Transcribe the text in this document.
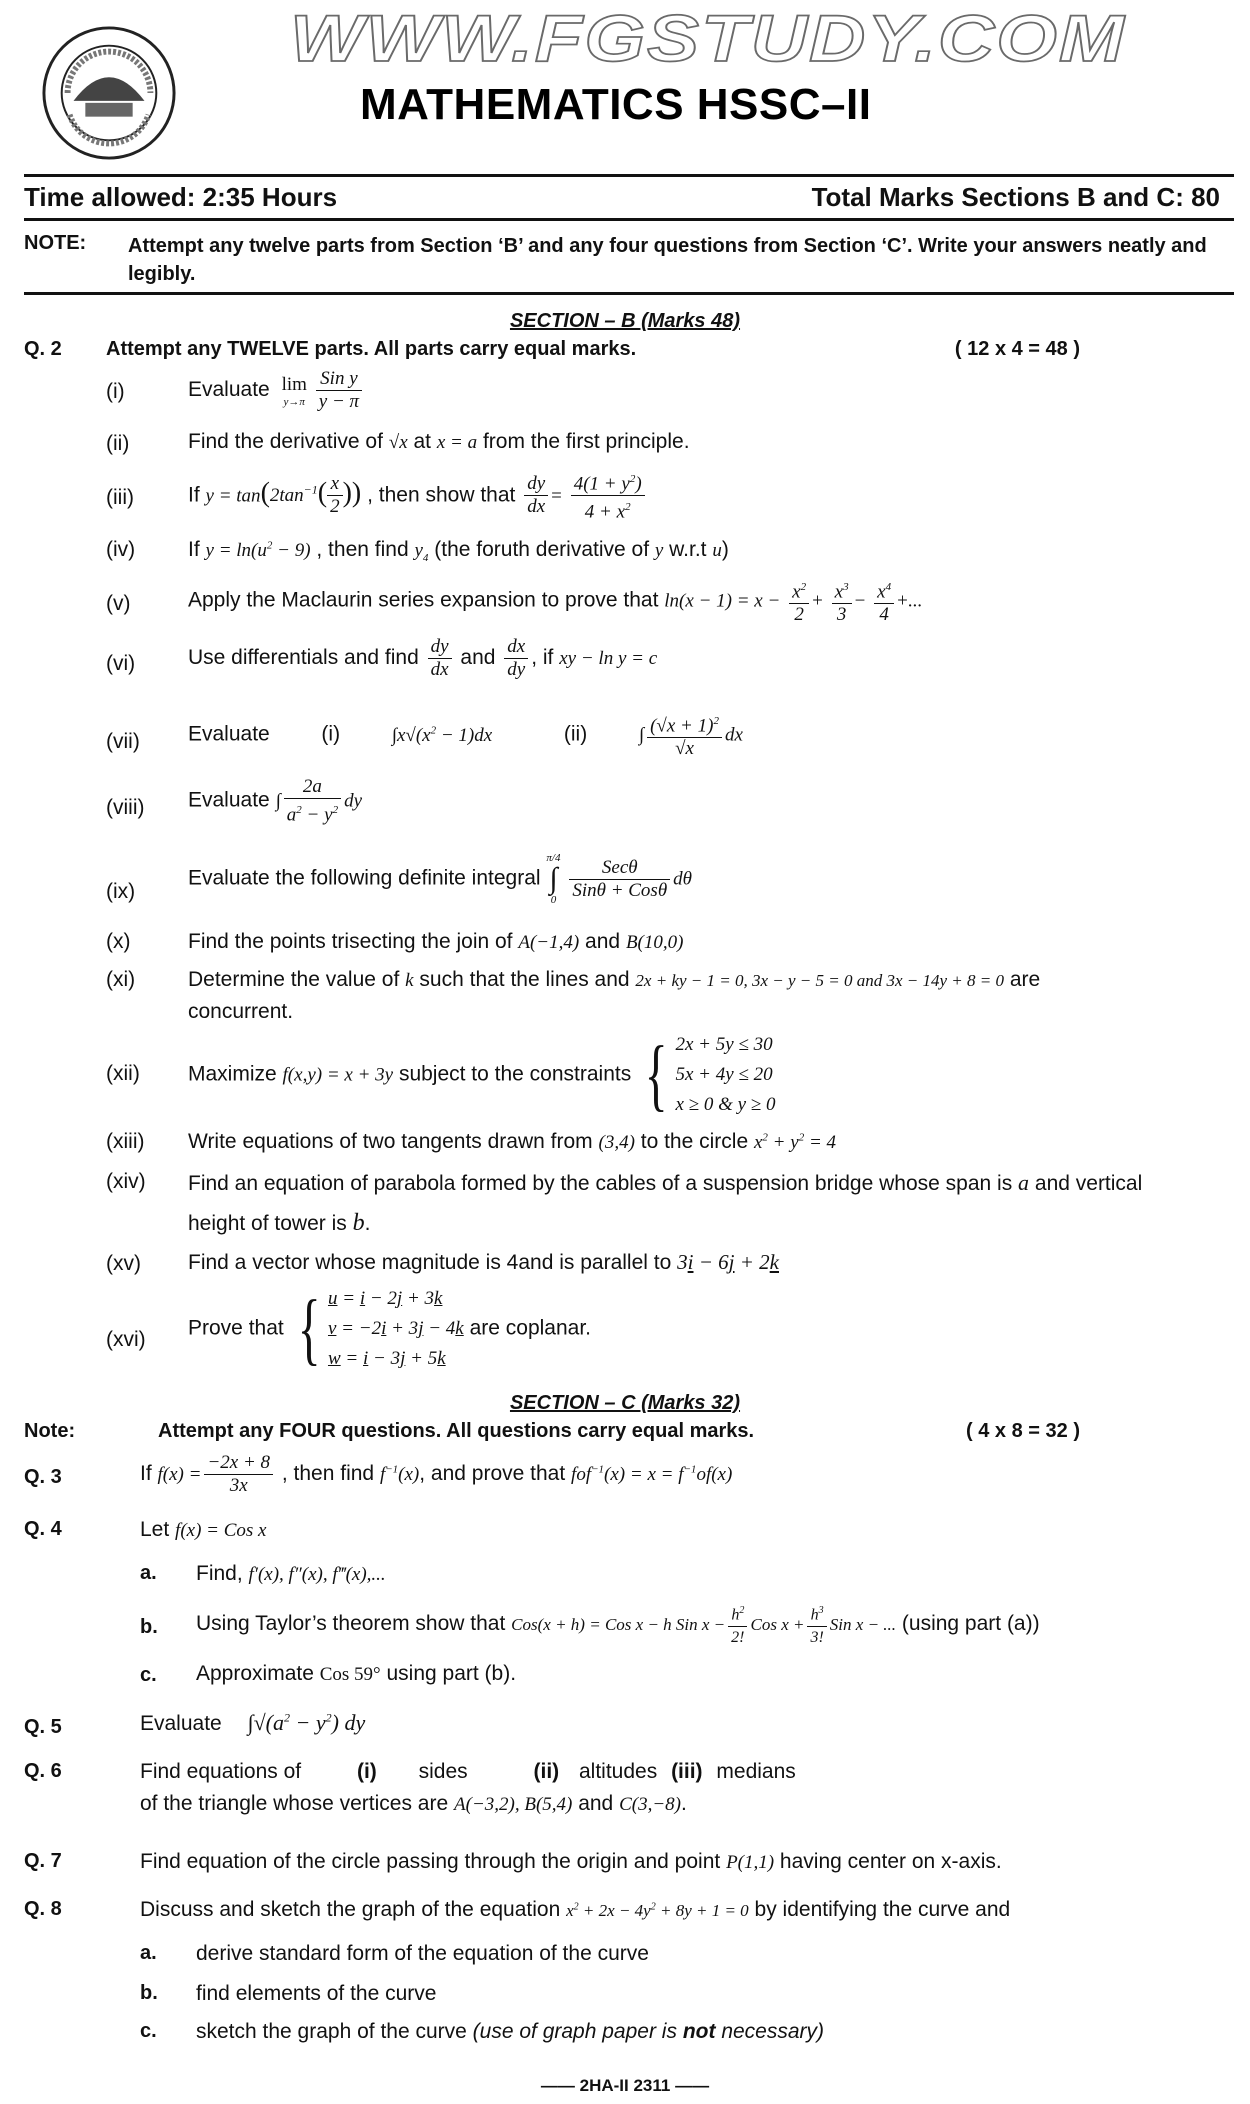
WWW.FGSTUDY.COM
MATHEMATICS HSSC–II
Time allowed: 2:35 Hours	Total Marks Sections B and C: 80
NOTE: Attempt any twelve parts from Section ‘B’ and any four questions from Section ‘C’. Write your answers neatly and legibly.
SECTION – B (Marks 48)
Q. 2 Attempt any TWELVE parts. All parts carry equal marks.	( 12 x 4 = 48 )
(i)	Evaluate lim
y→π
$\frac{\text{Sin y}}{y - \pi}$
(ii)	Find the derivative of √x at x = a from the first principle.
(iii)	If $y = \tan(2\tan^{-1}( \frac{x}{2}$ )) , then show that $\frac{dy}{dx} = \frac{4(1 + y^2)}{4 + x^2}$
(iv)	If $y = \ln(u^2 - 9)$ , then find $y_4$ (the foruth derivative of y w.r.t u)
(v)	Apply the Maclaurin series expansion to prove that $\ln(x - 1) = x - \frac{x^2}{2} + \frac{x^3}{3} - \frac{x^4}{4}$ +...
(vi)	Use differentials and find $\frac{dy}{dx}$ and $\frac{dx}{dy}$ , if xy − ln y = c
(vii) Evaluate (i)	$\int x√(x^2 - 1)dx$	(ii)	∫ $\frac{(√x + 1)^2}{√x}$ dx
(viii) Evaluate ∫ $\frac{2a}{a^2 - y^2}$ dy
(ix)
Evaluate the following definite integral
π/4
∫
0
$\frac{\text{Secθ}}{\text{Sinθ + Cosθ}}$ dθ
(x)	Find the points trisecting the join of A(−1,4) and B(10,0)
(xi)	Determine the value of k such that the lines and 2x + ky − 1 = 0, 3x − y − 5 = 0 and 3x − 14y + 8 = 0 are
concurrent.
(xii) Maximize f(x,y) = x + 3y subject to the constraints { 2x + 5y ≤ 30
5x + 4y ≤ 20
x ≥ 0 & y ≥ 0
(xiii) Write equations of two tangents drawn from (3,4) to the circle $x^2 + y^2 = 4$
(xiv) Find an equation of parabola formed by the cables of a suspension bridge whose span is a and vertical
height of tower is b.
(xv) Find a vector whose magnitude is 4and is parallel to 3i − 6j + 2k
(xvi) Prove that { u = i − 2j + 3k
v = −2i + 3j − 4k
w = i − 3j + 5k
are coplanar.
SECTION – C (Marks 32)
Note:	Attempt any FOUR questions. All questions carry equal marks.	( 4 x 8 = 32 )
Q. 3	If $f(x) = \frac{-2x + 8}{3x}$ , then find $f^{-1}(x)$, and prove that $fof^{-1}(x) = x = f^{-1}of(x)$
Q. 4	Let f(x) = Cos x
a. Find, f′(x), f″(x), f‴(x),...
b. Using Taylor’s theorem show that Cos(x + h) = Cos x − h Sin $x - \frac{h^2}{2!}$ Cos $x + \frac{h^3}{3!}$ Sin x − ... (using part (a))
c. Approximate Cos 59° using part (b).
Q. 5	Evaluate $\int√(a^2 - y^2)$ dy
Q. 6	Find equations of	(i) sides	(ii) altitudes (iii) medians
of the triangle whose vertices are A(−3,2), B(5,4) and C(3,−8).
Q. 7	Find equation of the circle passing through the origin and point P(1,1) having center on x-axis.
Q. 8	Discuss and sketch the graph of the equation $x^2 + 2x - 4y^2 + 8y + 1 = 0$ by identifying the curve and
a. derive standard form of the equation of the curve
b. find elements of the curve
c. sketch the graph of the curve (use of graph paper is not necessary)
—— 2HA-II 2311 ——
